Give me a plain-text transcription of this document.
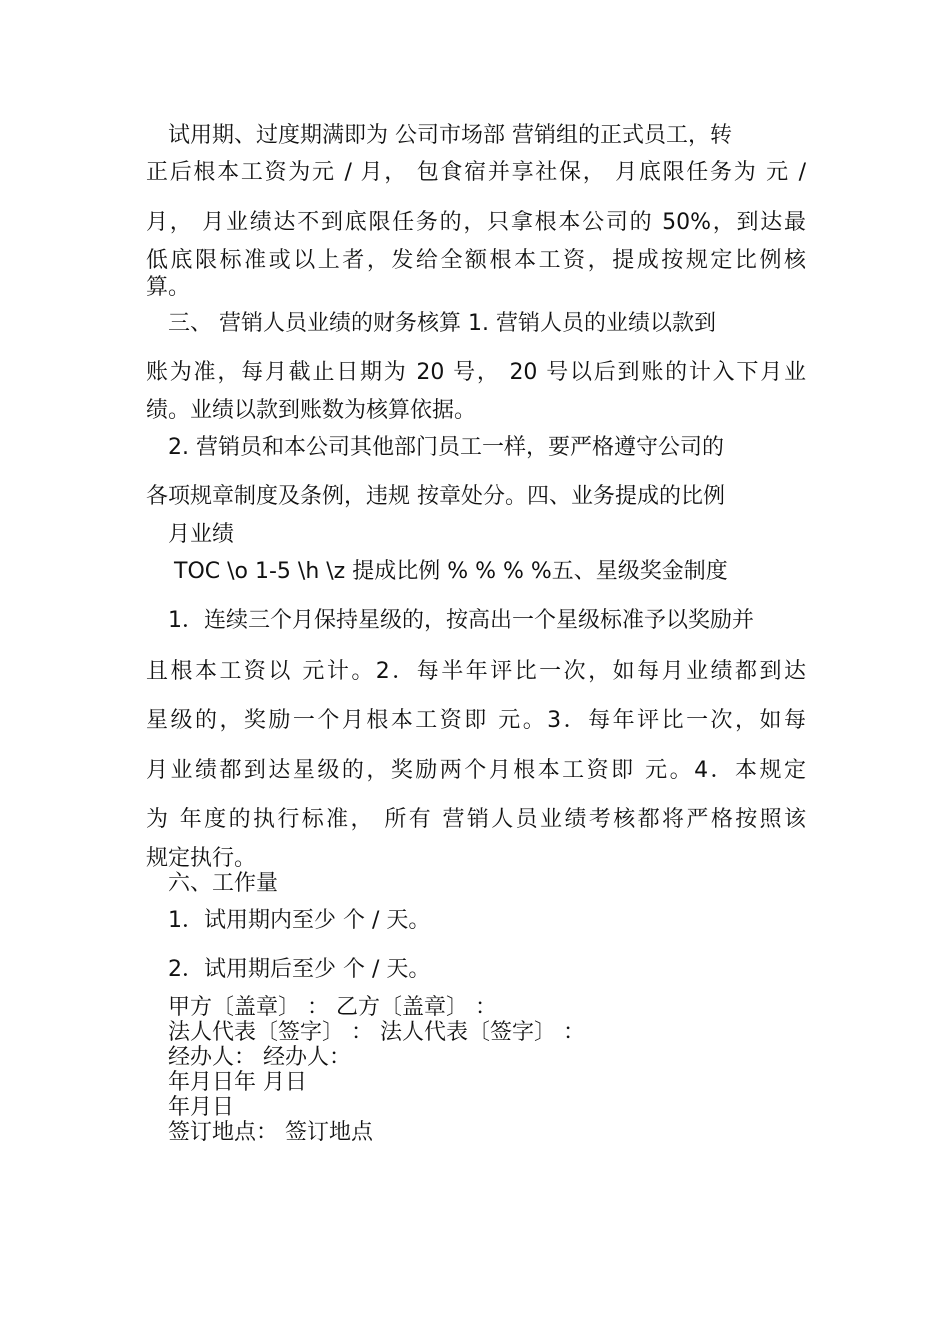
试用期、过度期满即为 公司市场部 营销组的正式员工，转
正后根本工资为元 / 月， 包食宿并享社保， 月底限任务为 元 /
月， 月业绩达不到底限任务的，只拿根本公司的 50%，到达最
低底限标准或以上者，发给全额根本工资，提成按规定比例核
算。
三、 营销人员业绩的财务核算 1. 营销人员的业绩以款到
账为准，每月截止日期为 20 号， 20 号以后到账的计入下月业
绩。业绩以款到账数为核算依据。
2. 营销员和本公司其他部门员工一样，要严格遵守公司的
各项规章制度及条例，违规 按章处分。四、业务提成的比例
月业绩
TOC \o 1-5 \h \z 提成比例 % % % %五、星级奖金制度
1．连续三个月保持星级的，按高出一个星级标准予以奖励并
且根本工资以 元计。2．每半年评比一次，如每月业绩都到达
星级的，奖励一个月根本工资即 元。3．每年评比一次，如每
月业绩都到达星级的，奖励两个月根本工资即 元。4．本规定
为 年度的执行标准， 所有 营销人员业绩考核都将严格按照该
规定执行。
六、工作量
1．试用期内至少 个 / 天。
2．试用期后至少 个 / 天。
甲方〔盖章〕 ： 乙方〔盖章〕 ：
法人代表〔签字〕 ： 法人代表〔签字〕 ：
经办人： 经办人：
年月日年 月日
年月日
签订地点： 签订地点
